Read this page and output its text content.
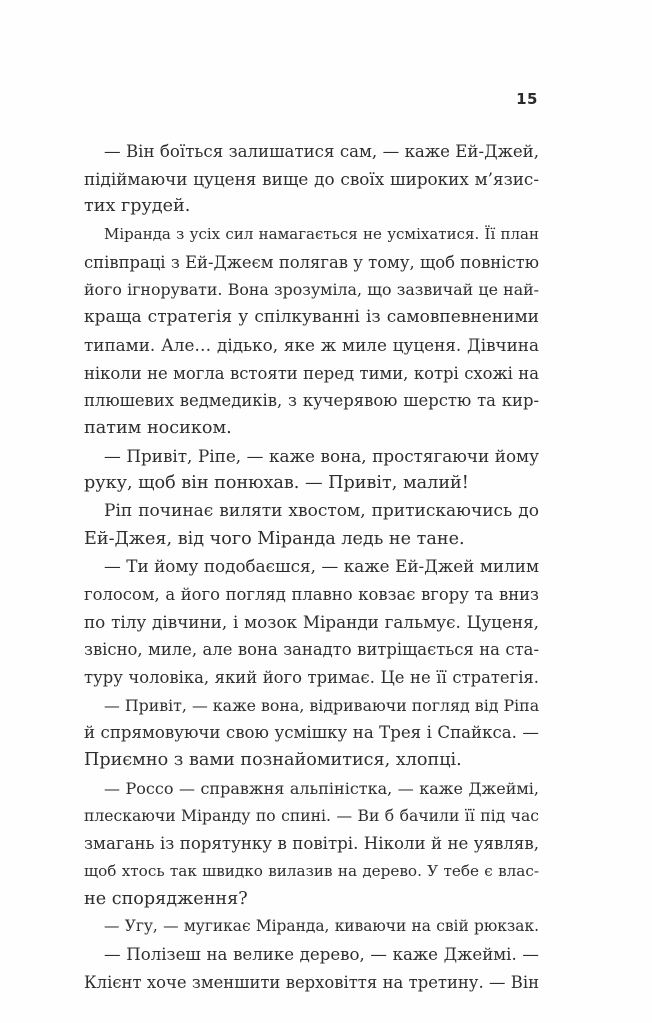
15
— Він боїться залишатися сам, — каже Ей-Джей,
підіймаючи цуценя вище до своїх широких м’язис-
тих грудей.
Міранда з усіх сил намагається не усміхатися. Її план
співпраці з Ей-Джеєм полягав у тому, щоб повністю
його ігнорувати. Вона зрозуміла, що зазвичай це най-
краща стратегія у спілкуванні із самовпевненими
типами. Але… дідько, яке ж миле цуценя. Дівчина
ніколи не могла встояти перед тими, котрі схожі на
плюшевих ведмедиків, з кучерявою шерстю та кир-
патим носиком.
— Привіт, Ріпе, — каже вона, простягаючи йому
руку, щоб він понюхав. — Привіт, малий!
Ріп починає виляти хвостом, притискаючись до
Ей-Джея, від чого Міранда ледь не тане.
— Ти йому подобаєшся, — каже Ей-Джей милим
голосом, а його погляд плавно ковзає вгору та вниз
по тілу дівчини, і мозок Міранди гальмує. Цуценя,
звісно, миле, але вона занадто витріщається на ста-
туру чоловіка, який його тримає. Це не її стратегія.
— Привіт, — каже вона, відриваючи погляд від Ріпа
й спрямовуючи свою усмішку на Трея і Спайкса. —
Приємно з вами познайомитися, хлопці.
— Россо — справжня альпіністка, — каже Джеймі,
плескаючи Міранду по спині. — Ви б бачили її під час
змагань із порятунку в повітрі. Ніколи й не уявляв,
щоб хтось так швидко вилазив на дерево. У тебе є влас-
не спорядження?
— Угу, — мугикає Міранда, киваючи на свій рюкзак.
— Полізеш на велике дерево, — каже Джеймі. —
Клієнт хоче зменшити верховіття на третину. — Він
